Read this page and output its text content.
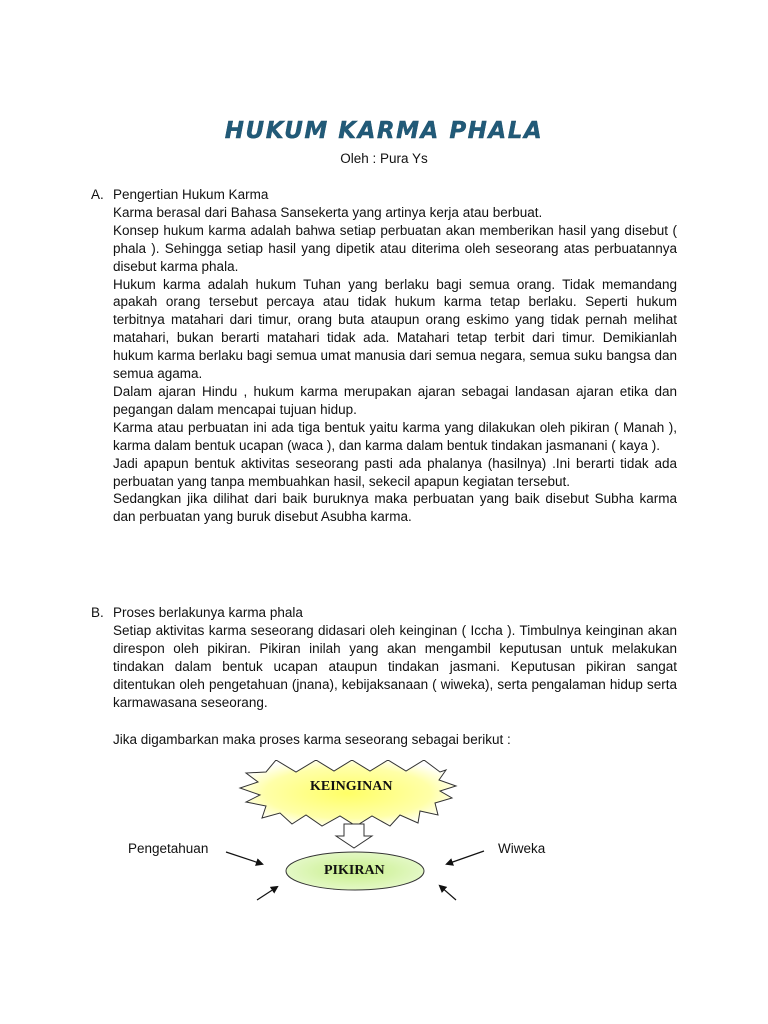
HUKUM KARMA PHALA
Oleh : Pura Ys
A. Pengertian Hukum Karma

Karma berasal dari Bahasa Sansekerta yang artinya kerja atau berbuat.

Konsep hukum karma adalah bahwa setiap perbuatan akan memberikan hasil yang disebut ( phala ). Sehingga setiap hasil yang dipetik atau diterima oleh seseorang atas perbuatannya disebut karma phala.

Hukum karma adalah hukum Tuhan yang berlaku bagi semua orang. Tidak memandang apakah orang tersebut percaya atau tidak hukum karma tetap berlaku. Seperti hukum terbitnya matahari dari timur, orang buta ataupun orang eskimo yang tidak pernah melihat matahari, bukan berarti matahari tidak ada. Matahari tetap terbit dari timur. Demikianlah hukum karma berlaku bagi semua umat manusia dari semua negara, semua suku bangsa dan semua agama.

Dalam ajaran Hindu , hukum karma merupakan ajaran sebagai landasan ajaran etika dan pegangan dalam mencapai tujuan hidup.

Karma atau perbuatan ini ada tiga bentuk yaitu karma yang dilakukan oleh pikiran ( Manah ), karma dalam bentuk ucapan (waca ), dan karma dalam bentuk tindakan jasmanani ( kaya ).

Jadi apapun bentuk aktivitas seseorang pasti ada phalanya (hasilnya) .Ini berarti tidak ada perbuatan yang tanpa membuahkan hasil, sekecil apapun kegiatan tersebut.

Sedangkan jika dilihat dari baik buruknya maka perbuatan yang baik disebut Subha karma dan perbuatan yang buruk disebut Asubha karma.

B. Proses berlakunya karma phala

Setiap aktivitas karma seseorang didasari oleh keinginan ( Iccha ). Timbulnya keinginan akan direspon oleh pikiran. Pikiran inilah yang akan mengambil keputusan untuk melakukan tindakan dalam bentuk ucapan ataupun tindakan jasmani. Keputusan pikiran sangat ditentukan oleh pengetahuan (jnana), kebijaksanaan ( wiweka), serta pengalaman hidup serta karmawasana seseorang.

Jika digambarkan maka proses karma seseorang sebagai berikut :
KEINGINAN
PIKIRAN
Pengetahuan	Wiweka
